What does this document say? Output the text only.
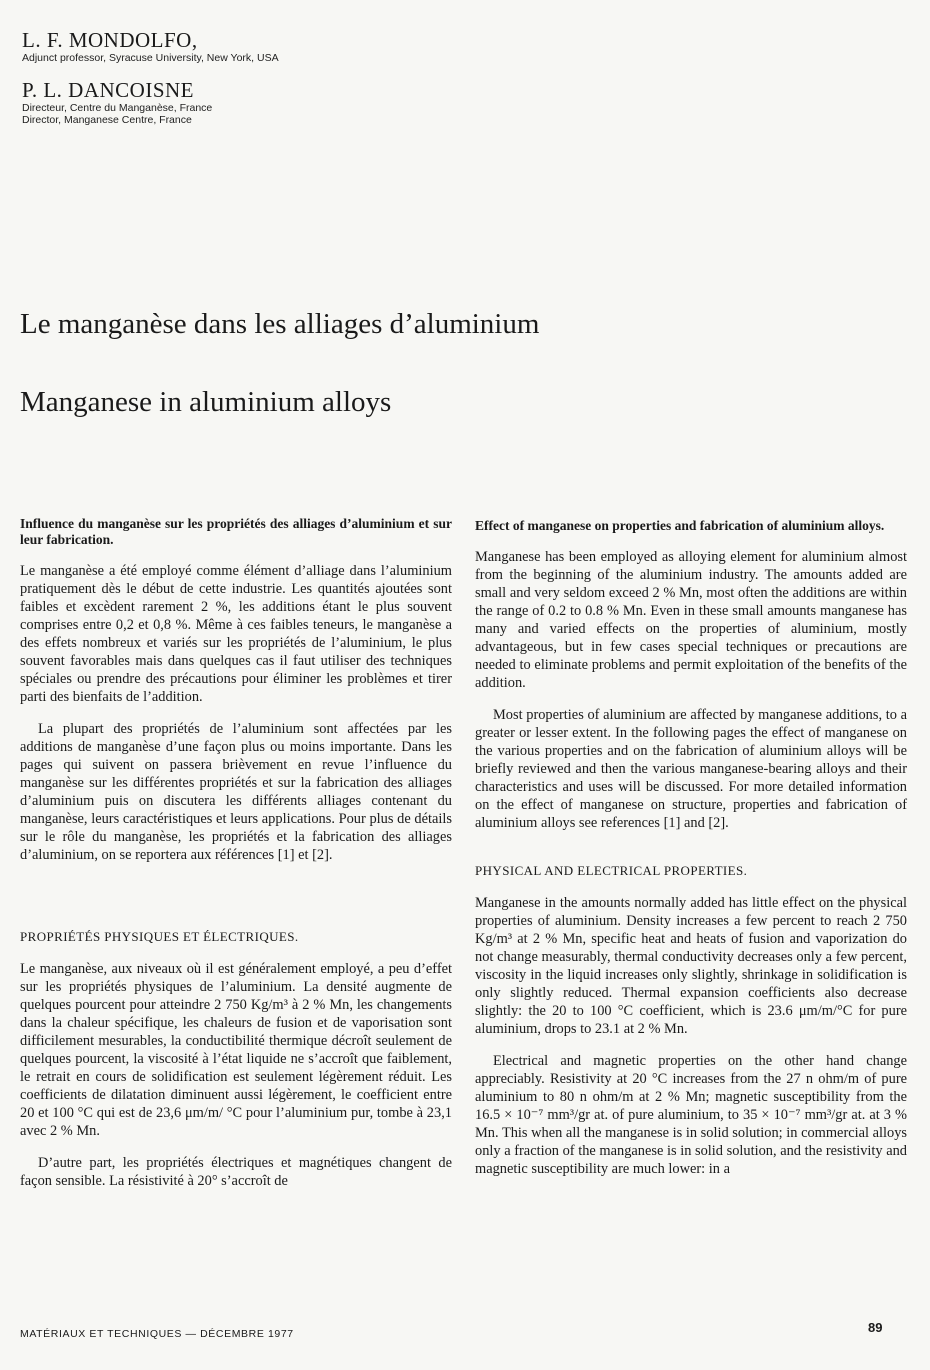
L. F. MONDOLFO,

Adjunct professor, Syracuse University, New York, USA

P. L. DANCOISNE

Directeur, Centre du Manganèse, France

Director, Manganese Centre, France

Le manganèse dans les alliages d’aluminium
Manganese in aluminium alloys

Influence du manganèse sur les propriétés des alliages d’aluminium et sur leur fabrication.

Le manganèse a été employé comme élément d’alliage dans l’aluminium pratiquement dès le début de cette industrie. Les quantités ajoutées sont faibles et excèdent rarement 2 %, les additions étant le plus souvent comprises entre 0,2 et 0,8 %. Même à ces faibles teneurs, le manganèse a des effets nombreux et variés sur les propriétés de l’aluminium, le plus souvent favorables mais dans quelques cas il faut utiliser des techniques spéciales ou prendre des précautions pour éliminer les problèmes et tirer parti des bienfaits de l’addition.

La plupart des propriétés de l’aluminium sont affectées par les additions de manganèse d’une façon plus ou moins importante. Dans les pages qui suivent on passera brièvement en revue l’influence du manganèse sur les différentes propriétés et sur la fabrication des alliages d’aluminium puis on discutera les différents alliages contenant du manganèse, leurs caractéristiques et leurs applications. Pour plus de détails sur le rôle du manganèse, les propriétés et la fabrication des alliages d’aluminium, on se reportera aux références [1] et [2].

PROPRIÉTÉS PHYSIQUES ET ÉLECTRIQUES.

Le manganèse, aux niveaux où il est généralement employé, a peu d’effet sur les propriétés physiques de l’aluminium. La densité augmente de quelques pourcent pour atteindre 2 750 Kg/m³ à 2 % Mn, les changements dans la chaleur spécifique, les chaleurs de fusion et de vaporisation sont difficilement mesurables, la conductibilité thermique décroît seulement de quelques pourcent, la viscosité à l’état liquide ne s’accroît que faiblement, le retrait en cours de solidification est seulement légèrement réduit. Les coefficients de dilatation diminuent aussi légèrement, le coefficient entre 20 et 100 °C qui est de 23,6 μm/m/ °C pour l’aluminium pur, tombe à 23,1 avec 2 % Mn.

D’autre part, les propriétés électriques et magnétiques changent de façon sensible. La résistivité à 20° s’accroît de

Effect of manganese on properties and fabrication of aluminium alloys.

Manganese has been employed as alloying element for aluminium almost from the beginning of the aluminium industry. The amounts added are small and very seldom exceed 2 % Mn, most often the additions are within the range of 0.2 to 0.8 % Mn. Even in these small amounts manganese has many and varied effects on the properties of aluminium, mostly advantageous, but in few cases special techniques or precautions are needed to eliminate problems and permit exploitation of the benefits of the addition.

Most properties of aluminium are affected by manganese additions, to a greater or lesser extent. In the following pages the effect of manganese on the various properties and on the fabrication of aluminium alloys will be briefly reviewed and then the various manganese-bearing alloys and their characteristics and uses will be discussed. For more detailed information on the effect of manganese on structure, properties and fabrication of aluminium alloys see references [1] and [2].

PHYSICAL AND ELECTRICAL PROPERTIES.

Manganese in the amounts normally added has little effect on the physical properties of aluminium. Density increases a few percent to reach 2 750 Kg/m³ at 2 % Mn, specific heat and heats of fusion and vaporization do not change measurably, thermal conductivity decreases only a few percent, viscosity in the liquid increases only slightly, shrinkage in solidification is only slightly reduced. Thermal expansion coefficients also decrease slightly: the 20 to 100 °C coefficient, which is 23.6 μm/m/°C for pure aluminium, drops to 23.1 at 2 % Mn.

Electrical and magnetic properties on the other hand change appreciably. Resistivity at 20 °C increases from the 27 n ohm/m of pure aluminium to 80 n ohm/m at 2 % Mn; magnetic susceptibility from the 16.5 × 10⁻⁷ mm³/gr at. of pure aluminium, to 35 × 10⁻⁷ mm³/gr at. at 3 % Mn. This when all the manganese is in solid solution; in commercial alloys only a fraction of the manganese is in solid solution, and the resistivity and magnetic susceptibility are much lower: in a

MATÉRIAUX ET TECHNIQUES — DÉCEMBRE 1977	89
